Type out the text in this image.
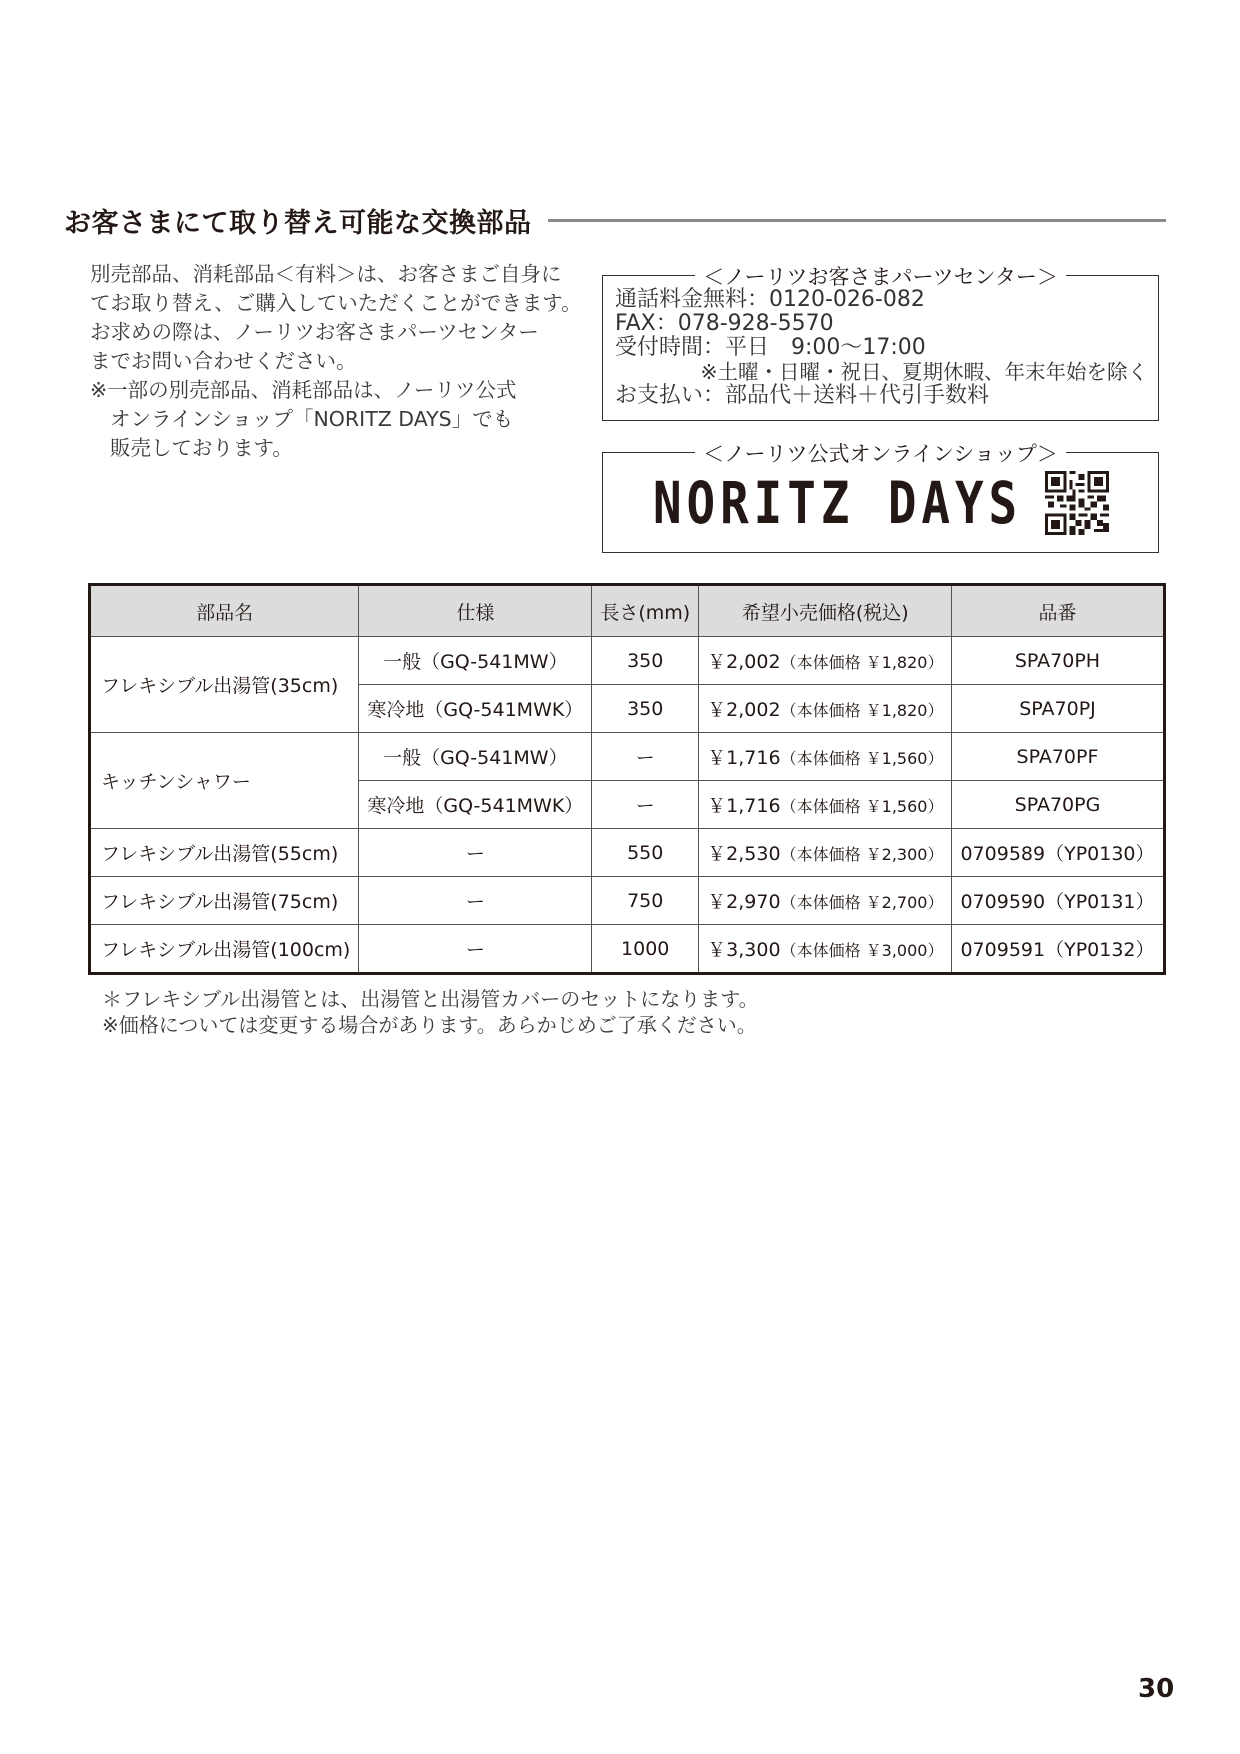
お客さまにて取り替え可能な交換部品

別売部品、消耗部品＜有料＞は、お客さまご自身に

てお取り替え、ご購入していただくことができます。

お求めの際は、ノーリツお客さまパーツセンター

までお問い合わせください。

※一部の別売部品、消耗部品は、ノーリツ公式

オンラインショップ「NORITZ DAYS」でも

販売しております。

＜ノーリツお客さまパーツセンター＞
通話料金無料：0120-026-082
FAX：078-928-5570
受付時間：平日　9:00～17:00
※土曜・日曜・祝日、夏期休暇、年末年始を除く
お支払い：部品代＋送料＋代引手数料
＜ノーリツ公式オンラインショップ＞
NORITZ DAYS
部品名	仕様	長さ(mm)	希望小売価格(税込)	品番
フレキシブル出湯管(35cm)	一般（GQ-541MW）	350	￥2,002（本体価格 ￥1,820）	SPA70PH
	寒冷地（GQ-541MWK）	350	￥2,002（本体価格 ￥1,820）	SPA70PJ
キッチンシャワー	一般（GQ-541MW）	ー	￥1,716（本体価格 ￥1,560）	SPA70PF
	寒冷地（GQ-541MWK）	ー	￥1,716（本体価格 ￥1,560）	SPA70PG
フレキシブル出湯管(55cm)	ー	550	￥2,530（本体価格 ￥2,300）	0709589（YP0130）
フレキシブル出湯管(75cm)	ー	750	￥2,970（本体価格 ￥2,700）	0709590（YP0131）
フレキシブル出湯管(100cm)	ー	1000	￥3,300（本体価格 ￥3,000）	0709591（YP0132）

＊フレキシブル出湯管とは、出湯管と出湯管カバーのセットになります。

※価格については変更する場合があります。あらかじめご了承ください。

30
